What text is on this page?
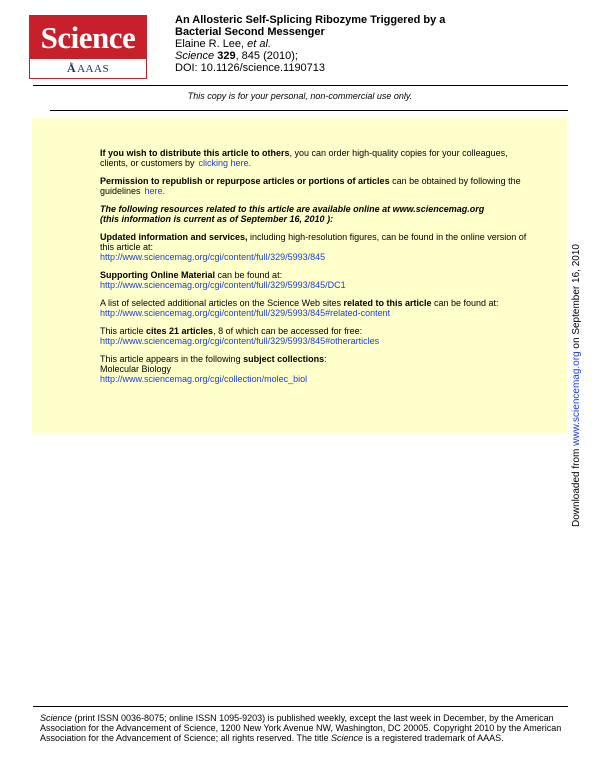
Science
ÅAAAS
An Allosteric Self-Splicing Ribozyme Triggered by a
Bacterial Second Messenger
Elaine R. Lee, et al.
Science 329, 845 (2010);
DOI: 10.1126/science.1190713
This copy is for your personal, non-commercial use only.

If you wish to distribute this article to others, you can order high-quality copies for your colleagues, clients, or customers by clicking here.

Permission to republish or repurpose articles or portions of articles can be obtained by following the guidelines here.

The following resources related to this article are available online at www.sciencemag.org
(this information is current as of September 16, 2010 ):

Updated information and services, including high-resolution figures, can be found in the online version of this article at:
http://www.sciencemag.org/cgi/content/full/329/5993/845

Supporting Online Material can be found at:
http://www.sciencemag.org/cgi/content/full/329/5993/845/DC1

A list of selected additional articles on the Science Web sites related to this article can be found at:
http://www.sciencemag.org/cgi/content/full/329/5993/845#related-content

This article cites 21 articles, 8 of which can be accessed for free:
http://www.sciencemag.org/cgi/content/full/329/5993/845#otherarticles

This article appears in the following subject collections:
Molecular Biology
http://www.sciencemag.org/cgi/collection/molec_biol

Downloaded from www.sciencemag.org on September 16, 2010
Science (print ISSN 0036-8075; online ISSN 1095-9203) is published weekly, except the last week in December, by the American Association for the Advancement of Science, 1200 New York Avenue NW, Washington, DC 20005. Copyright 2010 by the American Association for the Advancement of Science; all rights reserved. The title Science is a registered trademark of AAAS.
